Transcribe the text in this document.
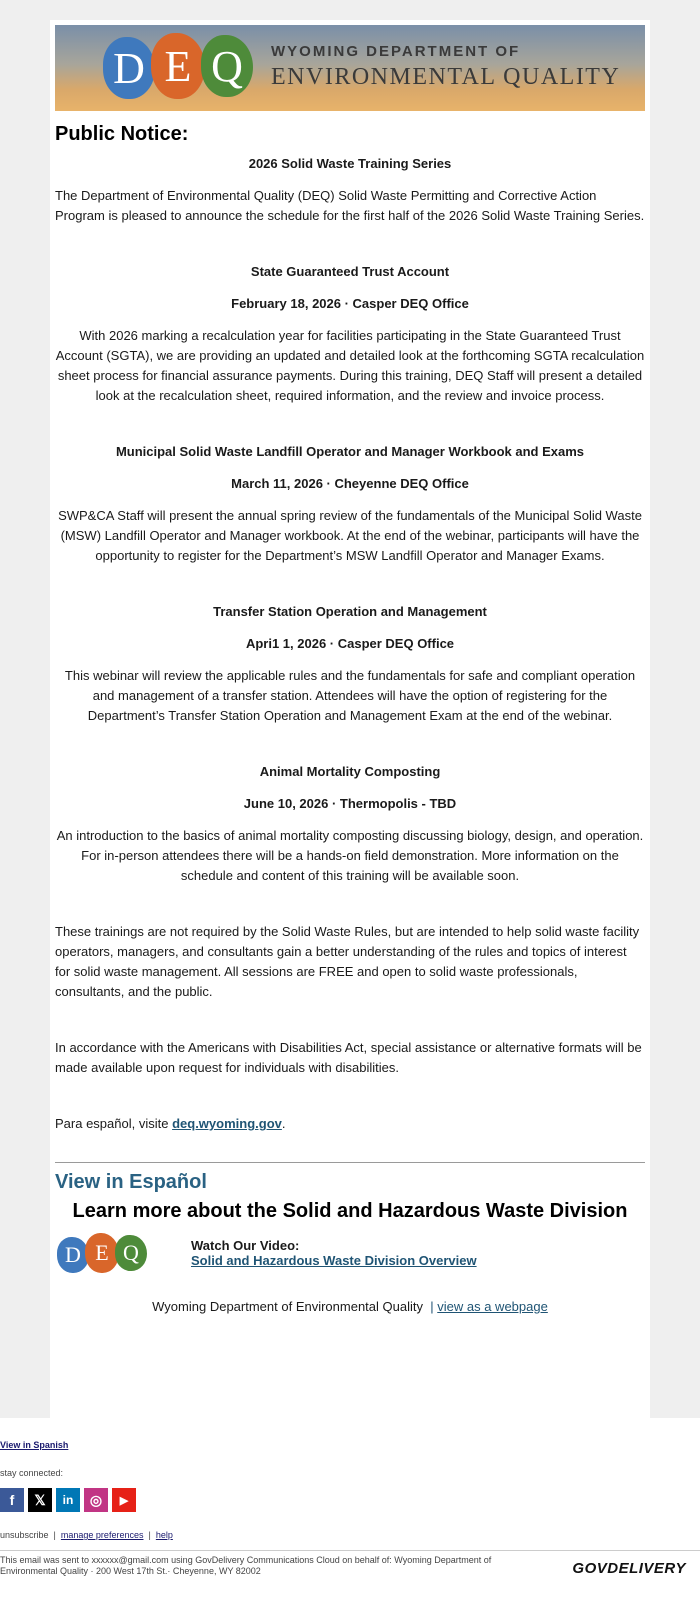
D E Q	WYOMING DEPARTMENT OF
ENVIRONMENTAL QUALITY
Public Notice:

2026 Solid Waste Training Series

The Department of Environmental Quality (DEQ) Solid Waste Permitting and Corrective Action Program is pleased to announce the schedule for the first half of the 2026 Solid Waste Training Series.

State Guaranteed Trust Account

February 18, 2026 · Casper DEQ Office

With 2026 marking a recalculation year for facilities participating in the State Guaranteed Trust Account (SGTA), we are providing an updated and detailed look at the forthcoming SGTA recalculation sheet process for financial assurance payments. During this training, DEQ Staff will present a detailed look at the recalculation sheet, required information, and the review and invoice process.

Municipal Solid Waste Landfill Operator and Manager Workbook and Exams

March 11, 2026 · Cheyenne DEQ Office

SWP&CA Staff will present the annual spring review of the fundamentals of the Municipal Solid Waste (MSW) Landfill Operator and Manager workbook. At the end of the webinar, participants will have the opportunity to register for the Department’s MSW Landfill Operator and Manager Exams.

Transfer Station Operation and Management

Apri1 1, 2026 · Casper DEQ Office

This webinar will review the applicable rules and the fundamentals for safe and compliant operation and management of a transfer station. Attendees will have the option of registering for the Department’s Transfer Station Operation and Management Exam at the end of the webinar.

Animal Mortality Composting

June 10, 2026 · Thermopolis - TBD

An introduction to the basics of animal mortality composting discussing biology, design, and operation. For in-person attendees there will be a hands-on field demonstration. More information on the schedule and content of this training will be available soon.

These trainings are not required by the Solid Waste Rules, but are intended to help solid waste facility operators, managers, and consultants gain a better understanding of the rules and topics of interest for solid waste management. All sessions are FREE and open to solid waste professionals, consultants, and the public.

In accordance with the Americans with Disabilities Act, special assistance or alternative formats will be made available upon request for individuals with disabilities.

Para español, visite deq.wyoming.gov.

View in Español
Learn more about the Solid and Hazardous Waste Division
D E Q	Watch Our Video:
Solid and Hazardous Waste Division Overview
Wyoming Department of Environmental Quality | view as a webpage
View in Spanish
stay connected:
f	𝕏	in	◎	▶
unsubscribe | manage preferences | help
This email was sent to xxxxxx@gmail.com using GovDelivery Communications Cloud on behalf of: Wyoming Department of Environmental Quality · 200 West 17th St.· Cheyenne, WY 82002	GOVDELIVERY
